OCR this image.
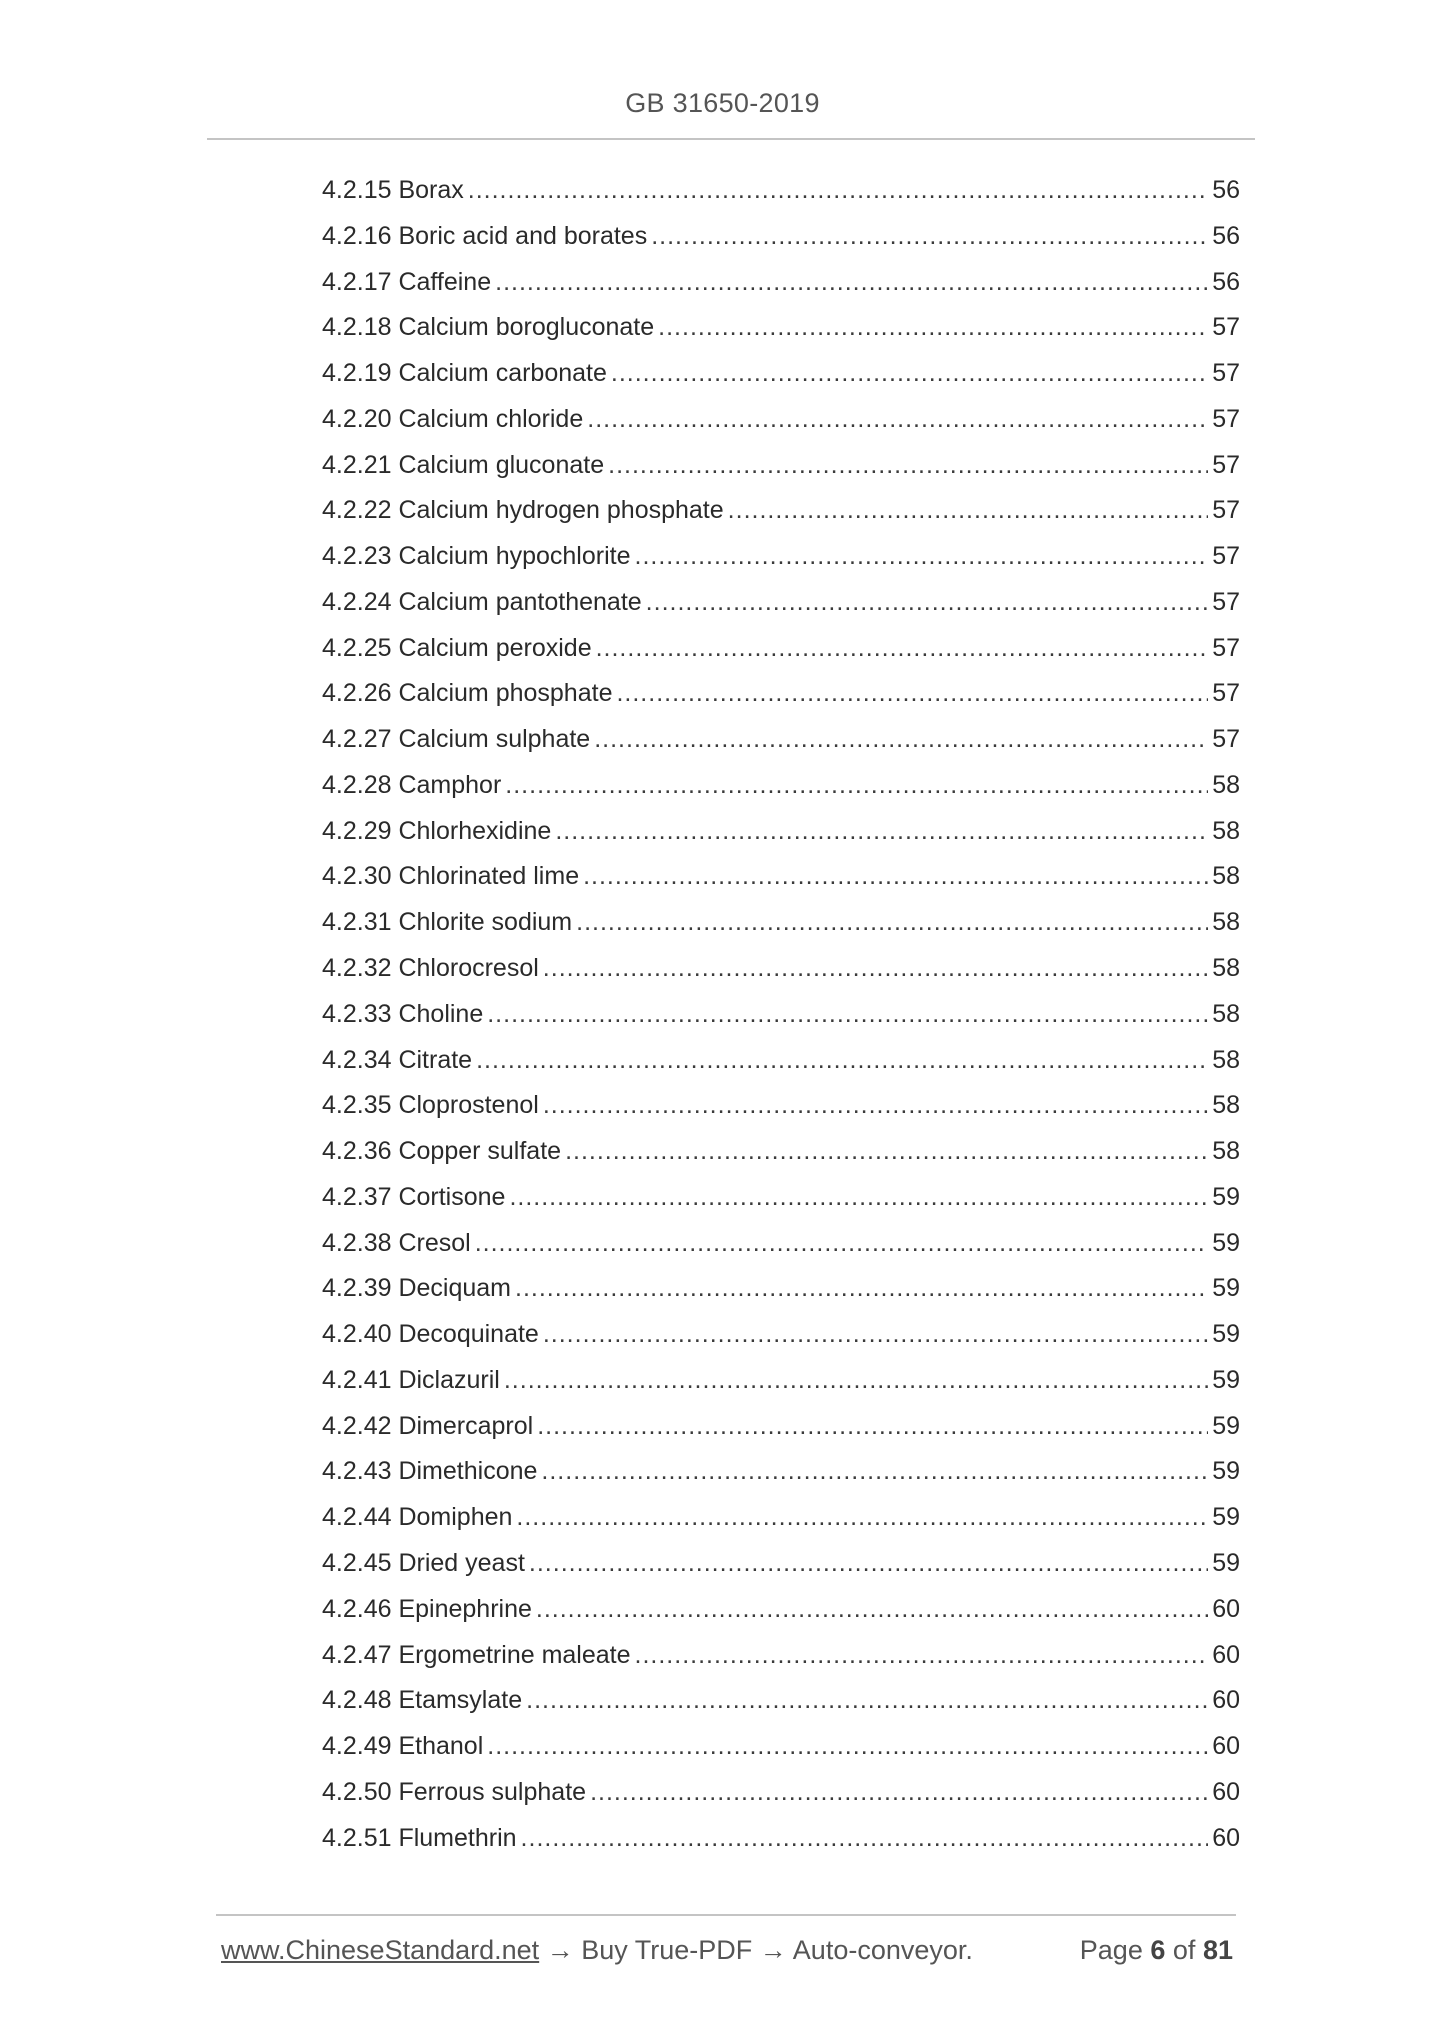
GB 31650-2019
4.2.15 Borax .....	56
4.2.16 Boric acid and borates .....	56
4.2.17 Caffeine .....	56
4.2.18 Calcium borogluconate .....	57
4.2.19 Calcium carbonate .....	57
4.2.20 Calcium chloride .....	57
4.2.21 Calcium gluconate .....	57
4.2.22 Calcium hydrogen phosphate .....	57
4.2.23 Calcium hypochlorite .....	57
4.2.24 Calcium pantothenate .....	57
4.2.25 Calcium peroxide .....	57
4.2.26 Calcium phosphate .....	57
4.2.27 Calcium sulphate .....	57
4.2.28 Camphor .....	58
4.2.29 Chlorhexidine .....	58
4.2.30 Chlorinated lime .....	58
4.2.31 Chlorite sodium .....	58
4.2.32 Chlorocresol .....	58
4.2.33 Choline .....	58
4.2.34 Citrate .....	58
4.2.35 Cloprostenol .....	58
4.2.36 Copper sulfate .....	58
4.2.37 Cortisone .....	59
4.2.38 Cresol .....	59
4.2.39 Deciquam .....	59
4.2.40 Decoquinate .....	59
4.2.41 Diclazuril .....	59
4.2.42 Dimercaprol .....	59
4.2.43 Dimethicone .....	59
4.2.44 Domiphen .....	59
4.2.45 Dried yeast .....	59
4.2.46 Epinephrine .....	60
4.2.47 Ergometrine maleate .....	60
4.2.48 Etamsylate .....	60
4.2.49 Ethanol .....	60
4.2.50 Ferrous sulphate .....	60
4.2.51 Flumethrin .....	60
www.ChineseStandard.net → Buy True-PDF → Auto-conveyor.	Page 6 of 81
